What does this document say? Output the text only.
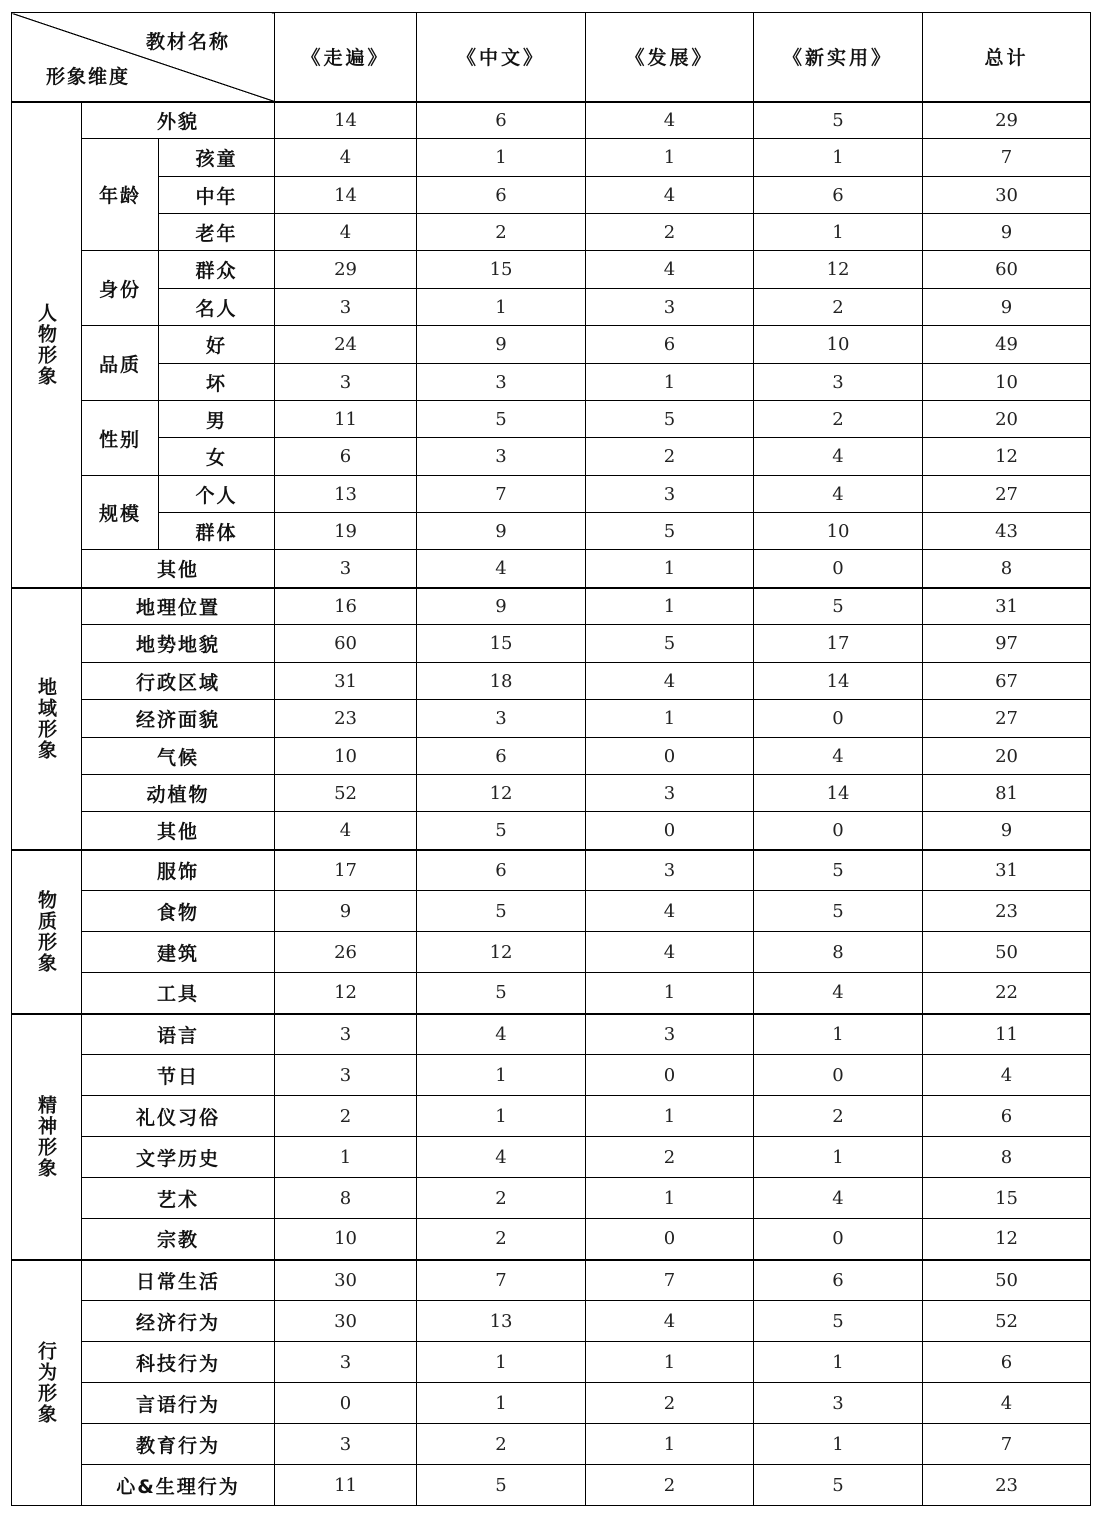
教材名称
形象维度			《走遍》	《中文》	《发展》	《新实用》	总计
人物形象	外貌		14	6	4	5	29
	年龄	孩童	4	1	1	1	7
		中年	14	6	4	6	30
		老年	4	2	2	1	9
	身份	群众	29	15	4	12	60
		名人	3	1	3	2	9
	品质	好	24	9	6	10	49
		坏	3	3	1	3	10
	性别	男	11	5	5	2	20
		女	6	3	2	4	12
	规模	个人	13	7	3	4	27
		群体	19	9	5	10	43
	其他		3	4	1	0	8
地域形象	地理位置		16	9	1	5	31
	地势地貌		60	15	5	17	97
	行政区域		31	18	4	14	67
	经济面貌		23	3	1	0	27
	气候		10	6	0	4	20
	动植物		52	12	3	14	81
	其他		4	5	0	0	9
物质形象	服饰		17	6	3	5	31
	食物		9	5	4	5	23
	建筑		26	12	4	8	50
	工具		12	5	1	4	22
精神形象	语言		3	4	3	1	11
	节日		3	1	0	0	4
	礼仪习俗		2	1	1	2	6
	文学历史		1	4	2	1	8
	艺术		8	2	1	4	15
	宗教		10	2	0	0	12
行为形象	日常生活		30	7	7	6	50
	经济行为		30	13	4	5	52
	科技行为		3	1	1	1	6
	言语行为		0	1	2	3	4
	教育行为		3	2	1	1	7
	心&生理行为		11	5	2	5	23
